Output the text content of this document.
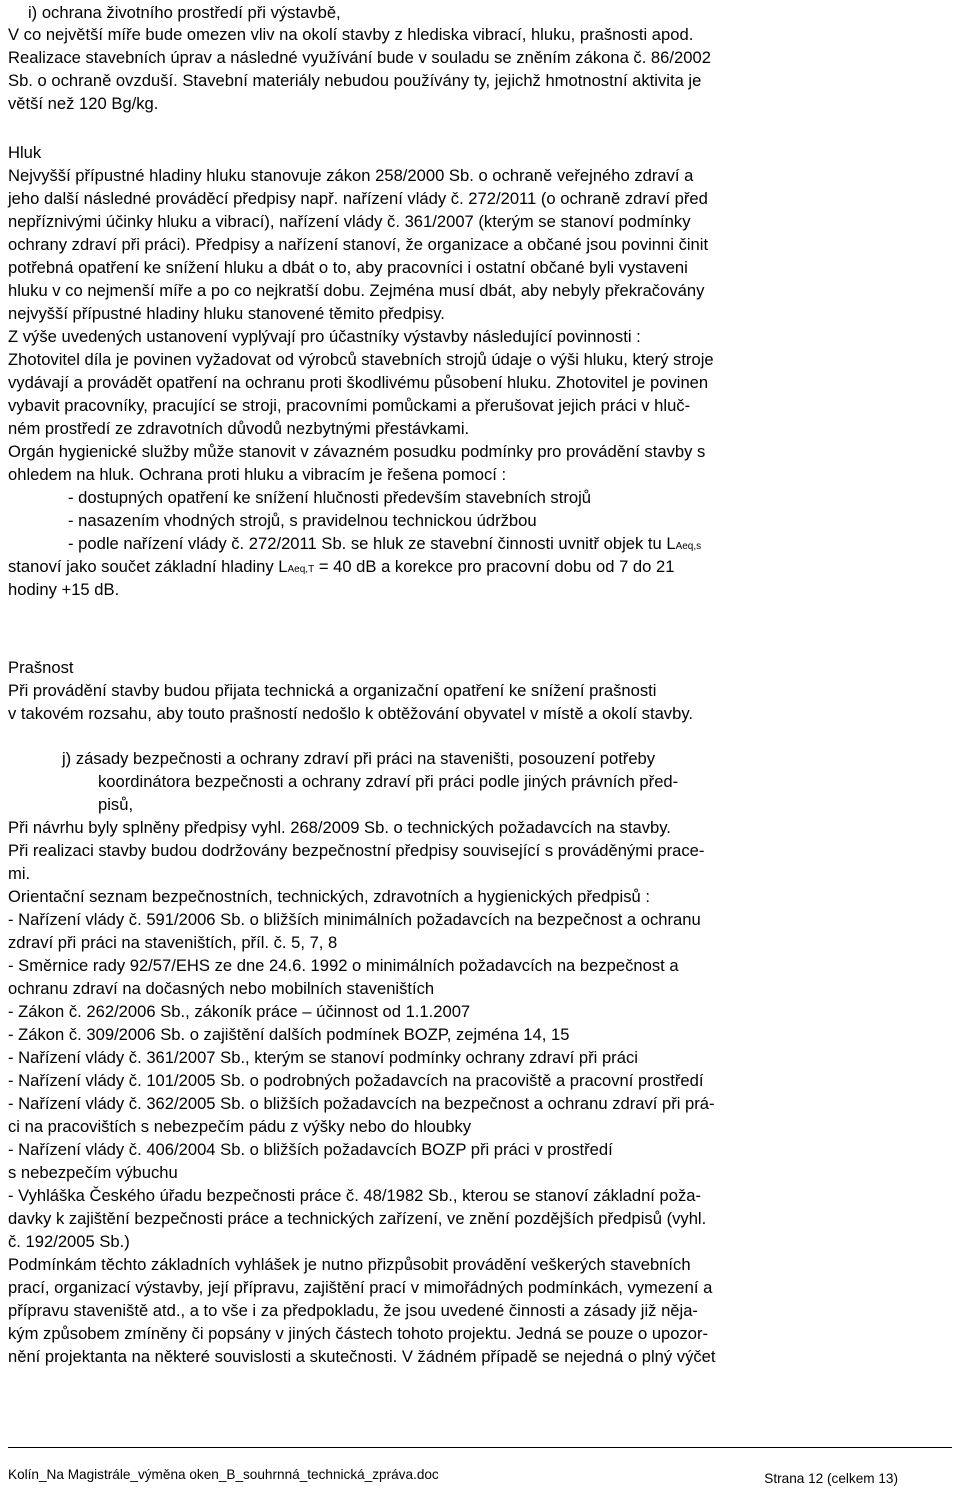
i) ochrana životního prostředí při výstavbě,
V co největší míře bude omezen vliv na okolí stavby z hlediska vibrací, hluku, prašnosti apod.
Realizace stavebních úprav a následné využívání bude v souladu se zněním zákona č. 86/2002
Sb. o ochraně ovzduší. Stavební materiály nebudou používány ty, jejichž hmotnostní aktivita je
větší než 120 Bg/kg.
Hluk
Nejvyšší přípustné hladiny hluku stanovuje zákon 258/2000 Sb. o ochraně veřejného zdraví a
jeho další následné prováděcí předpisy např. nařízení vlády č. 272/2011 (o ochraně zdraví před
nepříznivými účinky hluku a vibrací), nařízení vlády č. 361/2007 (kterým se stanoví podmínky
ochrany zdraví při práci). Předpisy a nařízení stanoví, že organizace a občané jsou povinni činit
potřebná opatření ke snížení hluku a dbát o to, aby pracovníci i ostatní občané byli vystaveni
hluku v co nejmenší míře a po co nejkratší dobu. Zejména musí dbát, aby nebyly překračovány
nejvyšší přípustné hladiny hluku stanovené těmito předpisy.
Z výše uvedených ustanovení vyplývají pro účastníky výstavby následující povinnosti :
Zhotovitel díla je povinen vyžadovat od výrobců stavebních strojů údaje o výši hluku, který stroje
vydávají a provádět opatření na ochranu proti škodlivému působení hluku. Zhotovitel je povinen
vybavit pracovníky, pracující se stroji, pracovními pomůckami a přerušovat jejich práci v hluč-
ném prostředí ze zdravotních důvodů nezbytnými přestávkami.
Orgán hygienické služby může stanovit v závazném posudku podmínky pro provádění stavby s
ohledem na hluk. Ochrana proti hluku a vibracím je řešena pomocí :
- dostupných opatření ke snížení hlučnosti především stavebních strojů
- nasazením vhodných strojů, s pravidelnou technickou údržbou
- podle nařízení vlády č. 272/2011 Sb. se hluk ze stavební činnosti uvnitř objek tu LAeq,s
stanoví jako součet základní hladiny LAeq,T = 40 dB a korekce pro pracovní dobu od 7 do 21
hodiny +15 dB.
Prašnost
Při provádění stavby budou přijata technická a organizační opatření ke snížení prašnosti
v takovém rozsahu, aby touto prašností nedošlo k obtěžování obyvatel v místě a okolí stavby.
j) zásady bezpečnosti a ochrany zdraví při práci na staveništi, posouzení potřeby
koordinátora bezpečnosti a ochrany zdraví při práci podle jiných právních před-
pisů,
Při návrhu byly splněny předpisy vyhl. 268/2009 Sb. o technických požadavcích na stavby.
Při realizaci stavby budou dodržovány bezpečnostní předpisy související s prováděnými prace-
mi.
Orientační seznam bezpečnostních, technických, zdravotních a hygienických předpisů :
- Nařízení vlády č. 591/2006 Sb. o bližších minimálních požadavcích na bezpečnost a ochranu
zdraví při práci na staveništích, příl. č. 5, 7, 8
- Směrnice rady 92/57/EHS ze dne 24.6. 1992 o minimálních požadavcích na bezpečnost a
ochranu zdraví na dočasných nebo mobilních staveništích
- Zákon č. 262/2006 Sb., zákoník práce – účinnost od 1.1.2007
- Zákon č. 309/2006 Sb. o zajištění dalších podmínek BOZP, zejména 14, 15
- Nařízení vlády č. 361/2007 Sb., kterým se stanoví podmínky ochrany zdraví při práci
- Nařízení vlády č. 101/2005 Sb. o podrobných požadavcích na pracoviště a pracovní prostředí
- Nařízení vlády č. 362/2005 Sb. o bližších požadavcích na bezpečnost a ochranu zdraví při prá-
ci na pracovištích s nebezpečím pádu z výšky nebo do hloubky
- Nařízení vlády č. 406/2004 Sb. o bližších požadavcích BOZP při práci v prostředí
s nebezpečím výbuchu
- Vyhláška Českého úřadu bezpečnosti práce č. 48/1982 Sb., kterou se stanoví základní poža-
davky k zajištění bezpečnosti práce a technických zařízení, ve znění pozdějších předpisů (vyhl.
č. 192/2005 Sb.)
Podmínkám těchto základních vyhlášek je nutno přizpůsobit provádění veškerých stavebních
prací, organizací výstavby, její přípravu, zajištění prací v mimořádných podmínkách, vymezení a
přípravu staveniště atd., a to vše i za předpokladu, že jsou uvedené činnosti a zásady již něja-
kým způsobem zmíněny či popsány v jiných částech tohoto projektu. Jedná se pouze o upozor-
nění projektanta na některé souvislosti a skutečnosti. V žádném případě se nejedná o plný výčet
Kolín_Na Magistrále_výměna oken_B_souhrnná_technická_zpráva.doc	Strana 12 (celkem 13)
